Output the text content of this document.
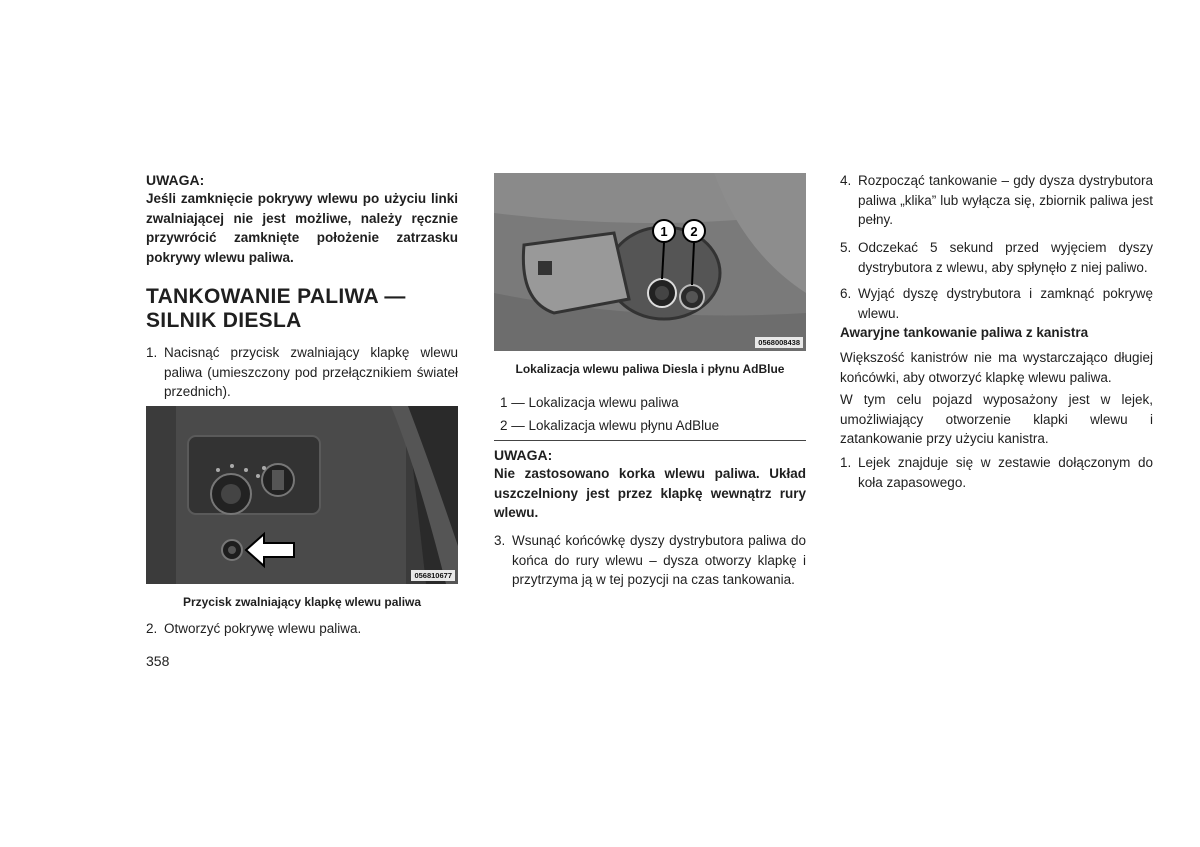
UWAGA:
Jeśli zamknięcie pokrywy wlewu po użyciu linki zwalniającej nie jest możliwe, należy ręcznie przywrócić zamknięte położenie zatrzasku pokrywy wlewu paliwa.
TANKOWANIE PALIWA —
SILNIK DIESLA
1. Nacisnąć przycisk zwalniający klapkę wlewu paliwa (umieszczony pod przełącznikiem świateł przednich).
056810677
Przycisk zwalniający klapkę wlewu paliwa
2. Otworzyć pokrywę wlewu paliwa.
358
1 2
0568008438
Lokalizacja wlewu paliwa Diesla i płynu AdBlue
1 — Lokalizacja wlewu paliwa
2 — Lokalizacja wlewu płynu AdBlue
UWAGA:
Nie zastosowano korka wlewu paliwa. Układ uszczelniony jest przez klapkę wewnątrz rury wlewu.
3. Wsunąć końcówkę dyszy dystrybutora paliwa do końca do rury wlewu – dysza otworzy klapkę i przytrzyma ją w tej pozycji na czas tankowania.
4. Rozpocząć tankowanie – gdy dysza dystrybutora paliwa „klika” lub wyłącza się, zbiornik paliwa jest pełny.
5. Odczekać 5 sekund przed wyjęciem dyszy dystrybutora z wlewu, aby spłynęło z niej paliwo.
6. Wyjąć dyszę dystrybutora i zamknąć pokrywę wlewu.
Awaryjne tankowanie paliwa z kanistra
Większość kanistrów nie ma wystarczająco długiej końcówki, aby otworzyć klapkę wlewu paliwa.
W tym celu pojazd wyposażony jest w lejek, umożliwiający otworzenie klapki wlewu i zatankowanie przy użyciu kanistra.
1. Lejek znajduje się w zestawie dołączonym do koła zapasowego.
